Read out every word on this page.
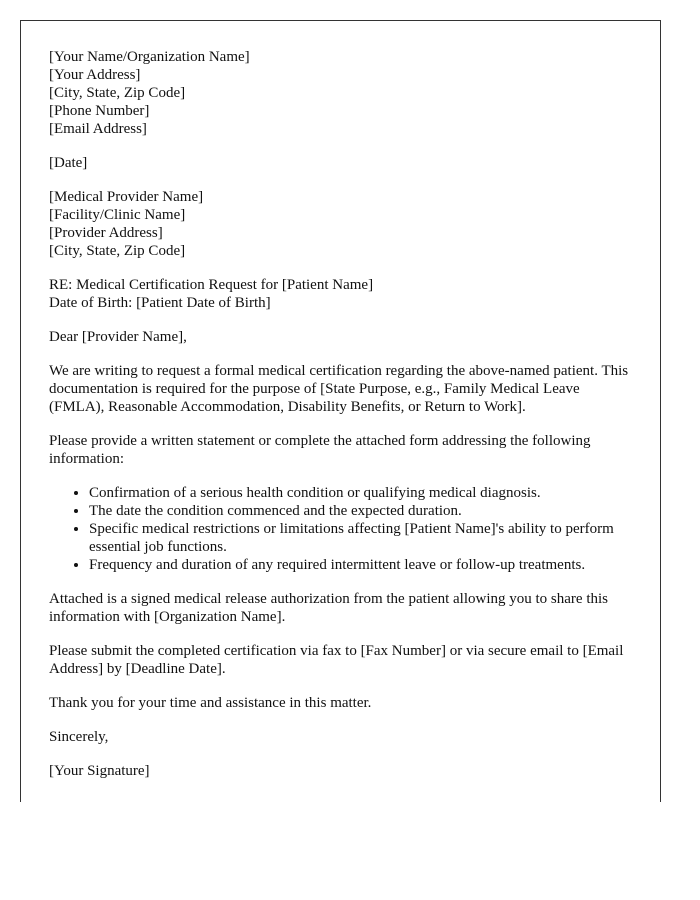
[Your Name/Organization Name]
[Your Address]
[City, State, Zip Code]
[Phone Number]
[Email Address]

[Date]

[Medical Provider Name]
[Facility/Clinic Name]
[Provider Address]
[City, State, Zip Code]

RE: Medical Certification Request for [Patient Name]
Date of Birth: [Patient Date of Birth]

Dear [Provider Name],

We are writing to request a formal medical certification regarding the above-named patient. This documentation is required for the purpose of [State Purpose, e.g., Family Medical Leave (FMLA), Reasonable Accommodation, Disability Benefits, or Return to Work].

Please provide a written statement or complete the attached form addressing the following information:

• Confirmation of a serious health condition or qualifying medical diagnosis.
• The date the condition commenced and the expected duration.
• Specific medical restrictions or limitations affecting [Patient Name]'s ability to perform essential job functions.
• Frequency and duration of any required intermittent leave or follow-up treatments.

Attached is a signed medical release authorization from the patient allowing you to share this information with [Organization Name].

Please submit the completed certification via fax to [Fax Number] or via secure email to [Email Address] by [Deadline Date].

Thank you for your time and assistance in this matter.

Sincerely,

[Your Signature]
